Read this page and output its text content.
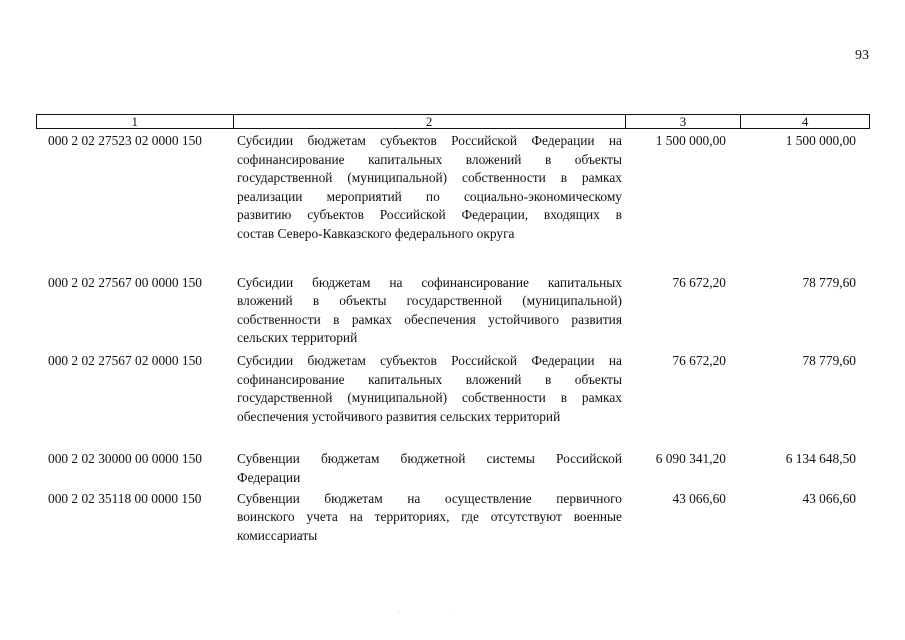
93
1	2	3	4
000 2 02 27523 02 0000 150	Субсидии бюджетам субъектов Российской Федерации на
софинансирование капитальных вложений в объекты
государственной (муниципальной) собственности в рамках
реализации мероприятий по социально-экономическому
развитию субъектов Российской Федерации, входящих в
состав Северо-Кавказского федерального округа
1 500 000,00	1 500 000,00
000 2 02 27567 00 0000 150	Субсидии бюджетам на софинансирование капитальных
вложений в объекты государственной (муниципальной)
собственности в рамках обеспечения устойчивого развития
сельских территорий
76 672,20	78 779,60
000 2 02 27567 02 0000 150	Субсидии бюджетам субъектов Российской Федерации на
софинансирование капитальных вложений в объекты
государственной (муниципальной) собственности в рамках
обеспечения устойчивого развития сельских территорий
76 672,20	78 779,60
000 2 02 30000 00 0000 150	Субвенции бюджетам бюджетной системы Российской
Федерации
6 090 341,20	6 134 648,50
000 2 02 35118 00 0000 150	Субвенции бюджетам на осуществление первичного
воинского учета на территориях, где отсутствуют военные
комиссариаты
43 066,60	43 066,60
· ·
